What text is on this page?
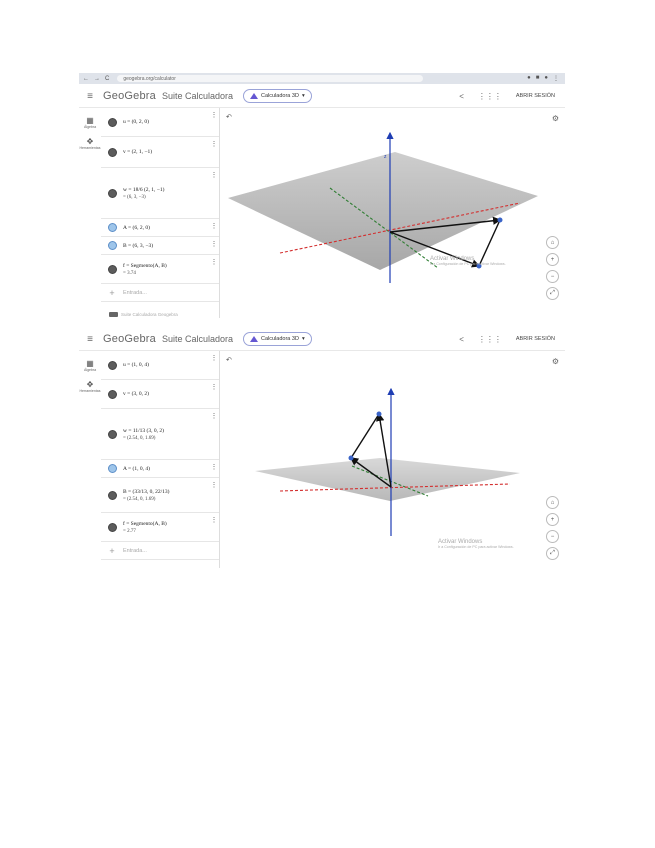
← → C	geogebra.org/calculator	● ■ ● ⋮
≡ GeoGebra Suite Calculadora	Calculadora 3D ▾	< ⋮⋮⋮	ABRIR SESIÓN
▦
Álgebra
✥
Herramientas
u = (0, 2, 0)
⋮
v = (2, 1, −1)
⋮
w = 18/6 (2, 1, −1)
= (6, 3, −3)
⋮
A = (6, 2, 0)	⋮
B = (6, 3, −3)	⋮
f = Segmento(A, B)
= 3.74
⋮
+	Entrada...
Suite Calculadora Geogebra
↶	⚙
z
⌂
+
−
⤢
Activar Windows
Ir a Configuración de PC para activar Windows.
≡ GeoGebra Suite Calculadora	Calculadora 3D ▾	< ⋮⋮⋮	ABRIR SESIÓN
▦
Álgebra
✥
Herramientas
u = (1, 0, 4)
⋮
v = (3, 0, 2)
⋮
w = 11/13 (3, 0, 2)
= (2.54, 0, 1.69)
⋮
A = (1, 0, 4)	⋮
B = (33/13, 0, 22/13)
= (2.54, 0, 1.69)
⋮
f = Segmento(A, B)
= 2.77
⋮
+	Entrada...
↶	⚙
⌂
+
−
⤢
Activar Windows
Ir a Configuración de PC para activar Windows.
